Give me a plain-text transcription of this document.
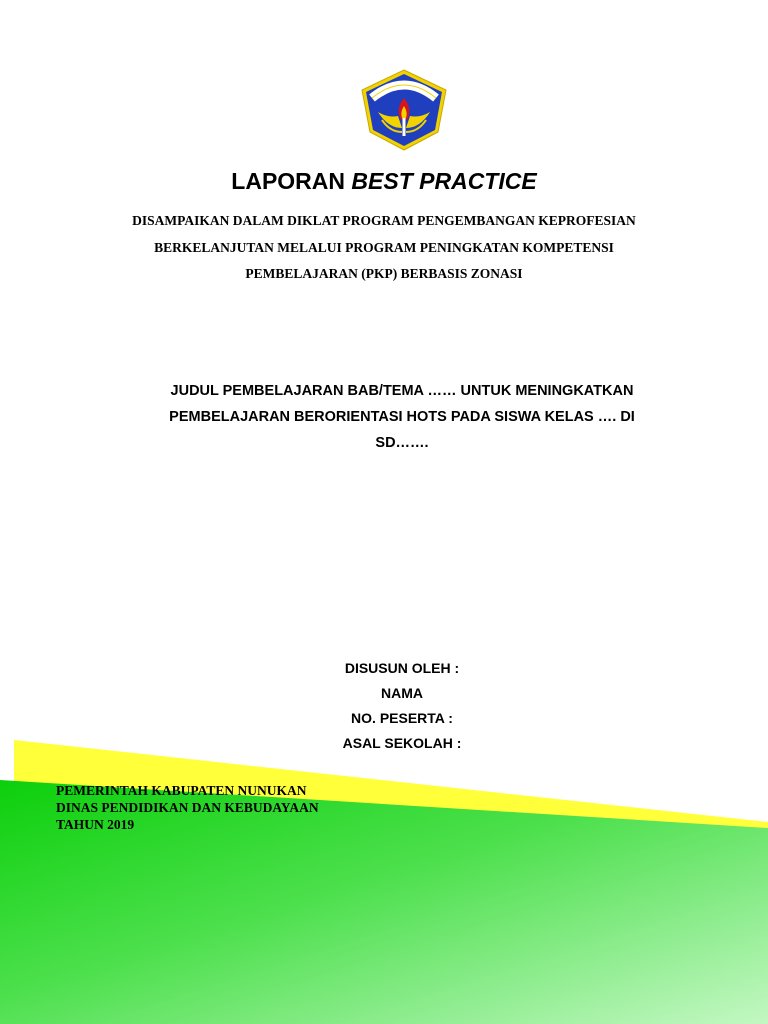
LAPORAN BEST PRACTICE
DISAMPAIKAN DALAM DIKLAT PROGRAM PENGEMBANGAN KEPROFESIAN
BERKELANJUTAN MELALUI PROGRAM PENINGKATAN KOMPETENSI
PEMBELAJARAN (PKP) BERBASIS ZONASI
JUDUL PEMBELAJARAN BAB/TEMA …… UNTUK MENINGKATKAN
PEMBELAJARAN BERORIENTASI HOTS PADA SISWA KELAS …. DI
SD…….
DISUSUN OLEH :
NAMA
NO. PESERTA :
ASAL SEKOLAH :
PEMERINTAH KABUPATEN NUNUKAN
DINAS PENDIDIKAN DAN KEBUDAYAAN
TAHUN 2019
